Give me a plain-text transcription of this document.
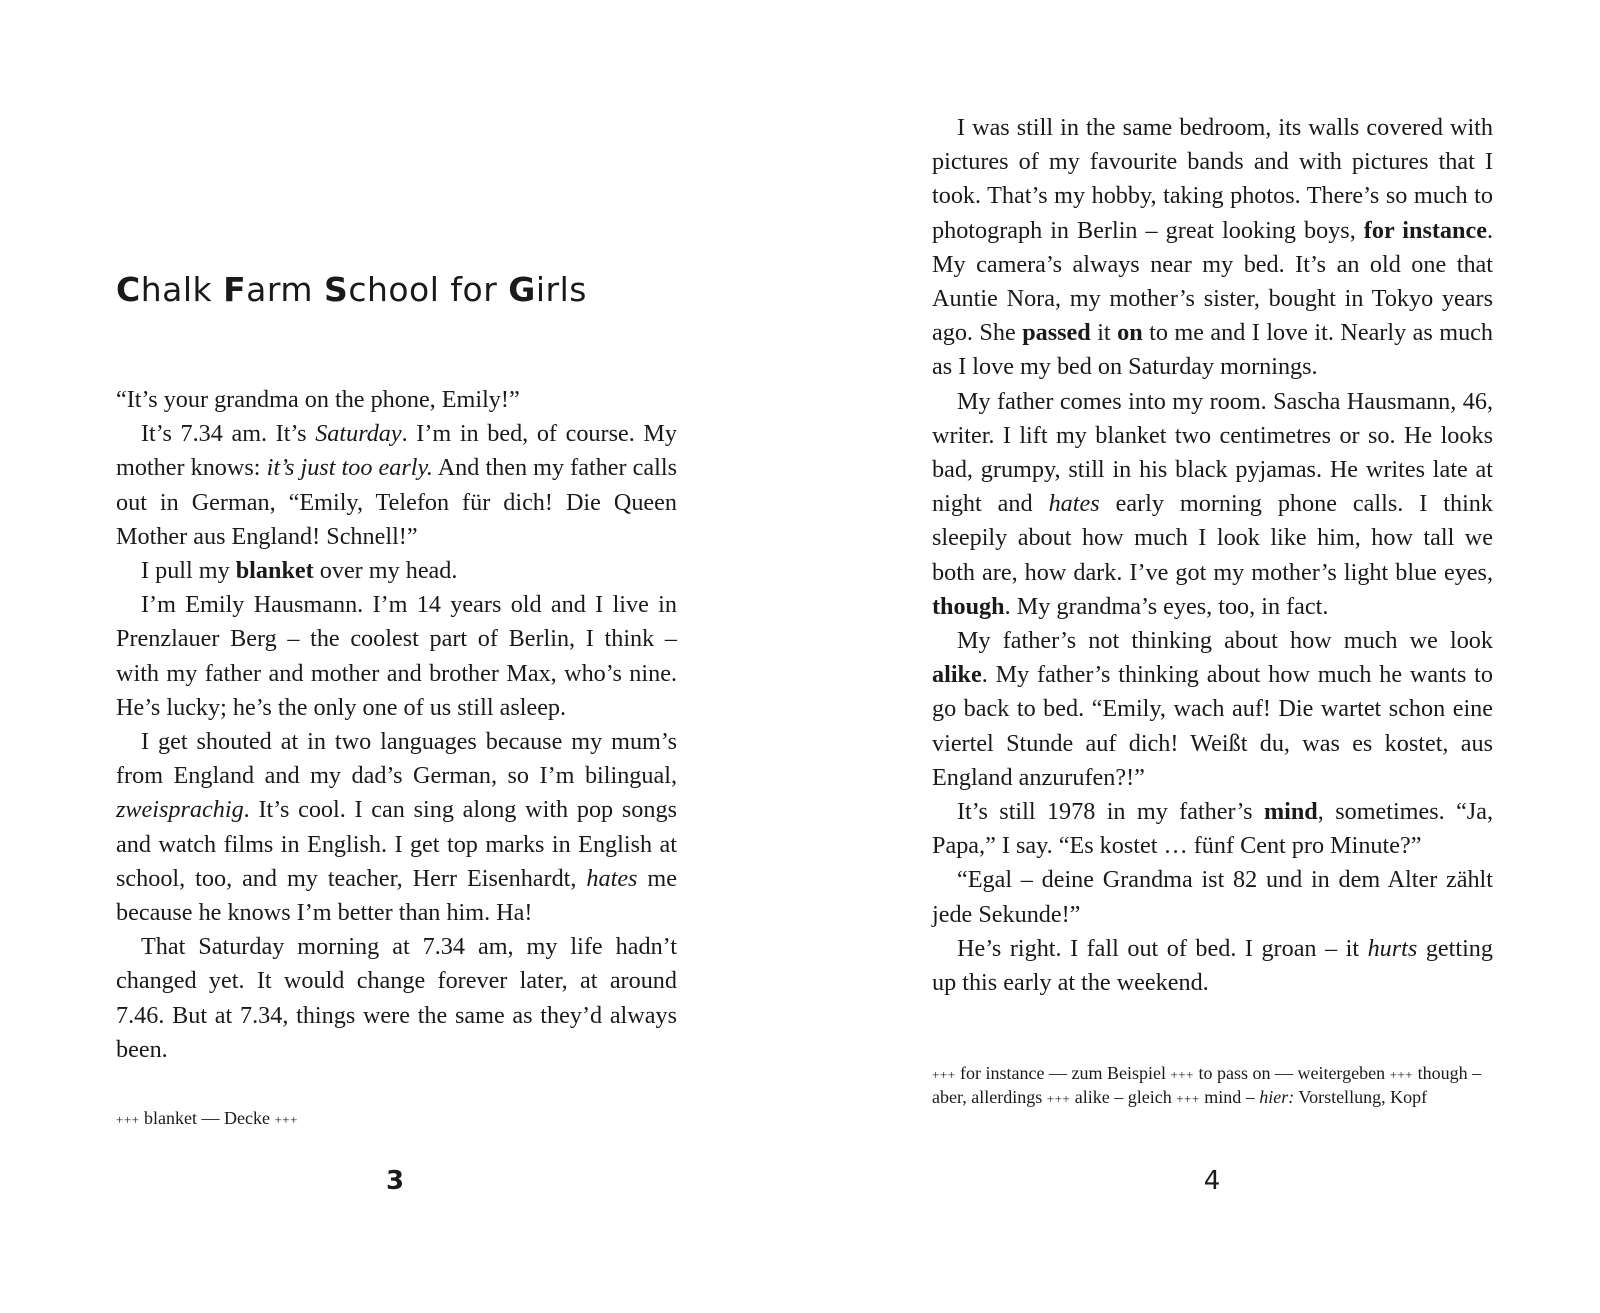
Chalk Farm School for Girls

“It’s your grandma on the phone, Emily!”

It’s 7.34 am. It’s Saturday. I’m in bed, of course. My mother knows: it’s just too early. And then my father calls out in German, “Emily, Telefon für dich! Die Queen Mother aus England! Schnell!”

I pull my blanket over my head.

I’m Emily Hausmann. I’m 14 years old and I live in Prenzlauer Berg – the coolest part of Berlin, I think – with my father and mother and brother Max, who’s nine. He’s lucky; he’s the only one of us still asleep.

I get shouted at in two languages because my mum’s from England and my dad’s German, so I’m bilingual, zweisprachig. It’s cool. I can sing along with pop songs and watch films in English. I get top marks in English at school, too, and my teacher, Herr Eisenhardt, hates me because he knows I’m better than him. Ha!

That Saturday morning at 7.34 am, my life hadn’t changed yet. It would change forever later, at around 7.46. But at 7.34, things were the same as they’d always been.

+++ blanket — Decke +++
3

I was still in the same bedroom, its walls covered with pictures of my favourite bands and with pictures that I took. That’s my hobby, taking photos. There’s so much to photograph in Berlin – great looking boys, for instance. My camera’s always near my bed. It’s an old one that Auntie Nora, my mother’s sister, bought in Tokyo years ago. She passed it on to me and I love it. Nearly as much as I love my bed on Saturday mornings.

My father comes into my room. Sascha Hausmann, 46, writer. I lift my blanket two centimetres or so. He looks bad, grumpy, still in his black pyjamas. He writes late at night and hates early morning phone calls. I think sleepily about how much I look like him, how tall we both are, how dark. I’ve got my mother’s light blue eyes, though. My grandma’s eyes, too, in fact.

My father’s not thinking about how much we look alike. My father’s thinking about how much he wants to go back to bed. “Emily, wach auf! Die wartet schon eine viertel Stunde auf dich! Weißt du, was es kostet, aus England anzurufen?!”

It’s still 1978 in my father’s mind, sometimes. “Ja, Papa,” I say. “Es kostet … fünf Cent pro Minute?”

“Egal – deine Grandma ist 82 und in dem Alter zählt jede Sekunde!”

He’s right. I fall out of bed. I groan – it hurts getting up this early at the weekend.

+++ for instance — zum Beispiel +++ to pass on — weitergeben +++ though – aber, allerdings +++ alike – gleich +++ mind – hier: Vorstellung, Kopf
4
